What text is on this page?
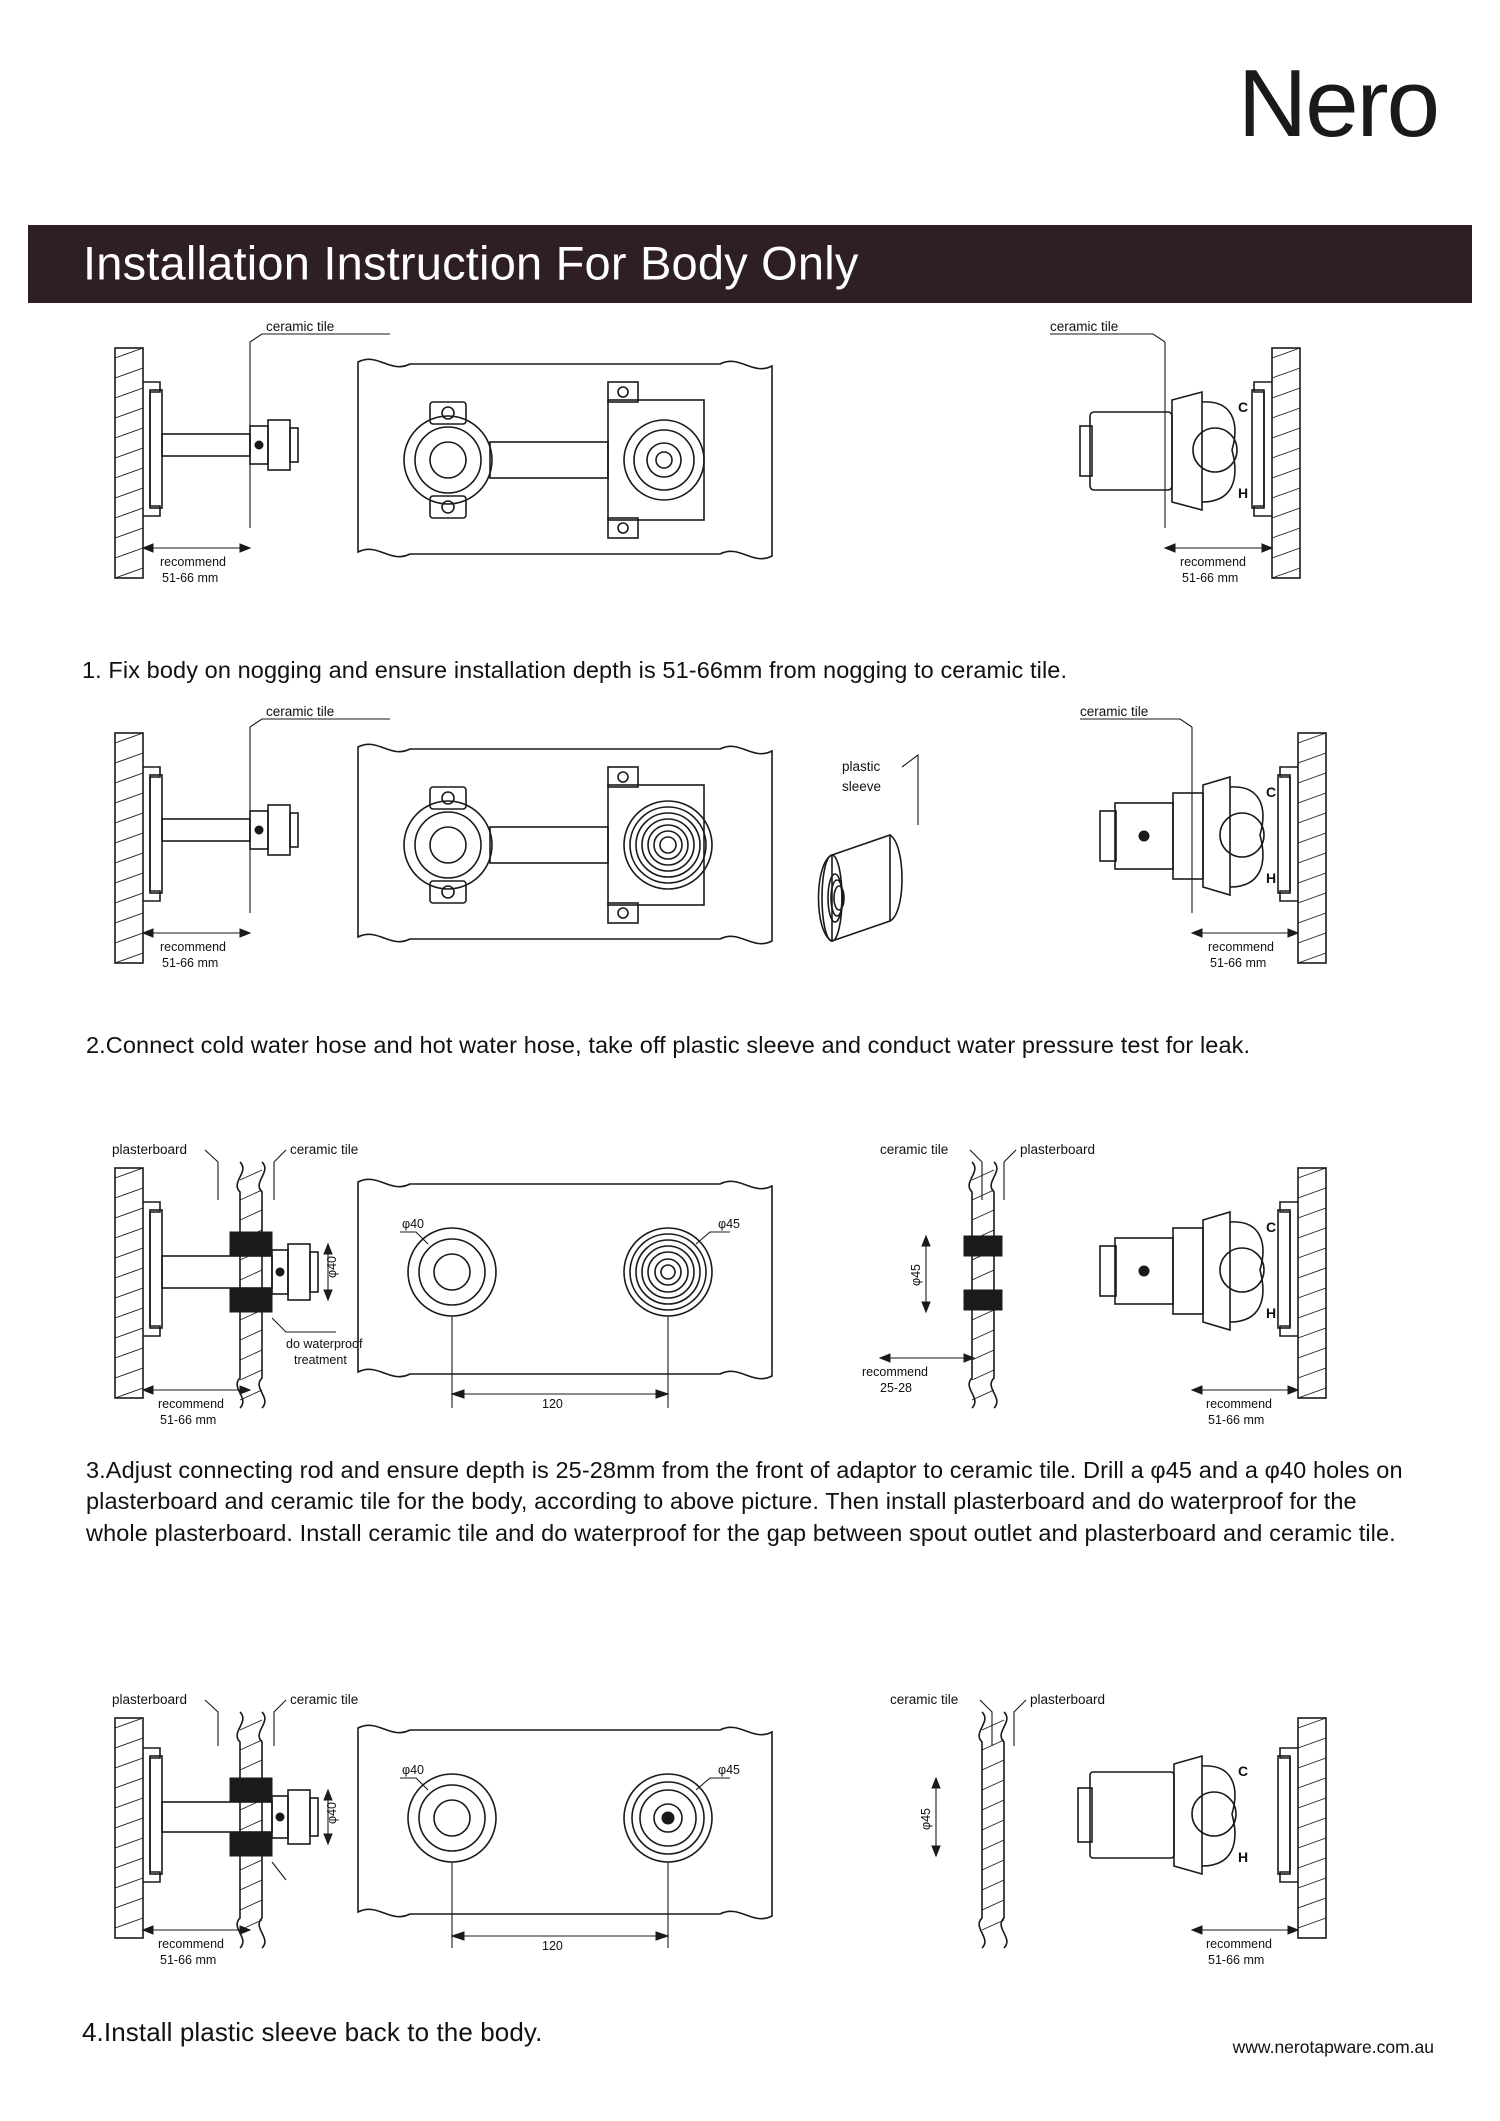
Nero
Installation Instruction For Body Only
ceramic tile
recommend
51-66 mm
C
H
ceramic tile
recommend
51-66 mm
1. Fix body on nogging and ensure installation depth is 51-66mm from nogging to ceramic tile.
ceramic tile
recommend
51-66 mm
plastic
sleeve	C
H
ceramic tile
recommend
51-66 mm
2.Connect cold water hose and hot water hose, take off plastic sleeve and conduct water pressure test for leak.
plasterboard	ceramic tile
φ40
do waterproof
treatment
recommend
51-66 mm
φ40	φ45
120
ceramic tile	plasterboard
C
H
φ45
recommend
25-28
recommend
51-66 mm
3.Adjust connecting rod and ensure depth is 25-28mm from the front of adaptor to ceramic tile. Drill a φ45 and a φ40 holes on plasterboard and ceramic tile for the body, according to above picture. Then install plasterboard and do waterproof for the whole plasterboard. Install ceramic tile and do waterproof for the gap between spout outlet and plasterboard and ceramic tile.
plasterboard	ceramic tile
φ40
recommend
51-66 mm
φ40	φ45
120
ceramic tile	plasterboard
C
H
φ45
recommend
51-66 mm
4.Install plastic sleeve back to the body.	www.nerotapware.com.au
